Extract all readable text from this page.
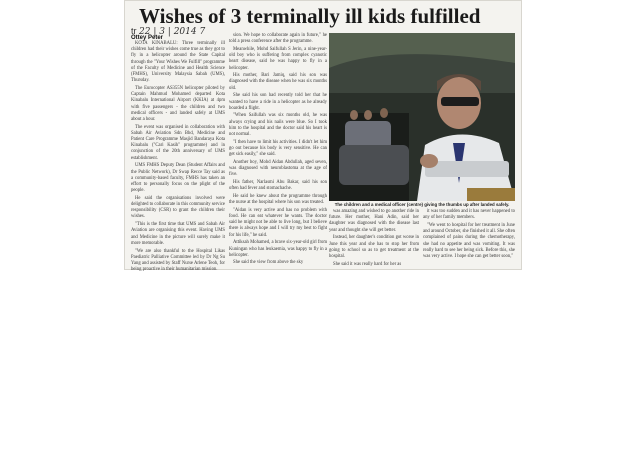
Wishes of 3 terminally ill kids fulfilled
tr 22 | 3 | 2014 7
Ottey Peter

KOTA KINABALU: Three terminally ill children had their wishes come true as they got to fly in a helicopter around the State Capital through the "Your Wishes We Fulfill" programme of the Faculty of Medicine and Health Science (FMHS), University Malaysia Sabah (UMS), Thursday.

The Eurocopter AS355N helicopter piloted by Captain Mahmud Mohamed departed Kota Kinabalu International Airport (KKIA) at 4pm with five passengers - the children and two medical officers - and landed safely at UMS about a hour.

The event was organised in collaboration with Sabah Air Aviation Sdn Bhd, Medicine and Patient Care Programme Masjid Bandaraya Kota Kinabalu ("Cari Kasih" programme) and in conjunction of the 20th anniversary of UMS establishment.

UMS FMHS Deputy Dean (Student Affairs and the Public Network), Dr Swap Recce Tay said as a community-based faculty, FMHS has taken an effort to personally focus on the plight of the people.

He said the organisations involved were delighted to collaborate in this community service responsibility (CSR) to grant the children their wishes.

"This is the first time that UMS and Sabah Air Aviation are organising this event. Having UMS and Medicine in the picture will surely make it more memorable.

"We are also thankful to the Hospital Likas Paediatric Palliative Committee led by Dr Ng Su Yang and assisted by Staff Nurse Arlene Teoh, for being proactive in their humanitarian mission.

sion. We hope to collaborate again in future," he told a press conference after the programme.

Meanwhile, Mohd Saifullah S Jerin, a nine-year-old boy who is suffering from complex cyanotic heart disease, said he was happy to fly in a helicopter.

His mother, Bari Jamiq, said his son was diagnosed with the disease when he was six months old.

She said his son had recently told her that he wanted to have a ride in a helicopter as he already boarded a flight.

"When Saifullah was six months old, he was always crying and his nails were blue. So I took him to the hospital and the doctor said his heart is not normal.

"I then have to limit his activities. I didn't let him go out because his body is very sensitive. He can get sick easily," she said.

Another boy, Mohd Aidan Abdullah, aged seven, was diagnosed with neuroblastoma at the age of five.

His father, Narlasmi Abu Bakar, said his son often had fever and stomachache.

He said he knew about the programme through the nurse at the hospital where his son was treated.

"Aidan is very active and has no problem with food. He can eat whatever he wants. The doctor said he might not be able to live long, but I believe there is always hope and I will try my best to fight for his life," he said.

Attiksah Mohamed, a brave six-year-old girl from Kuningan who has leukaemia, was happy to fly in a helicopter.

She said the view from above the sky

The children and a medical officer (centre) giving the thumbs up after landed safely.

was amazing and wished to go another ride in future. Her mother, Hani Adin, said her daughter was diagnosed with the disease last year and thought she will get better.

Instead, her daughter's condition got worse in June this year and she has to stop her from going to school so as to get treatment at the hospital.

She said it was really hard for her as

it was too sudden and it has never happened to any of her family members.

"We went to hospital for her treatment in June and around October, she finished it all. She often complained of pains during the chemotherapy, she had no appetite and was vomiting. It was really hard to see her being sick. Before this, she was very active. I hope she can get better soon,"
